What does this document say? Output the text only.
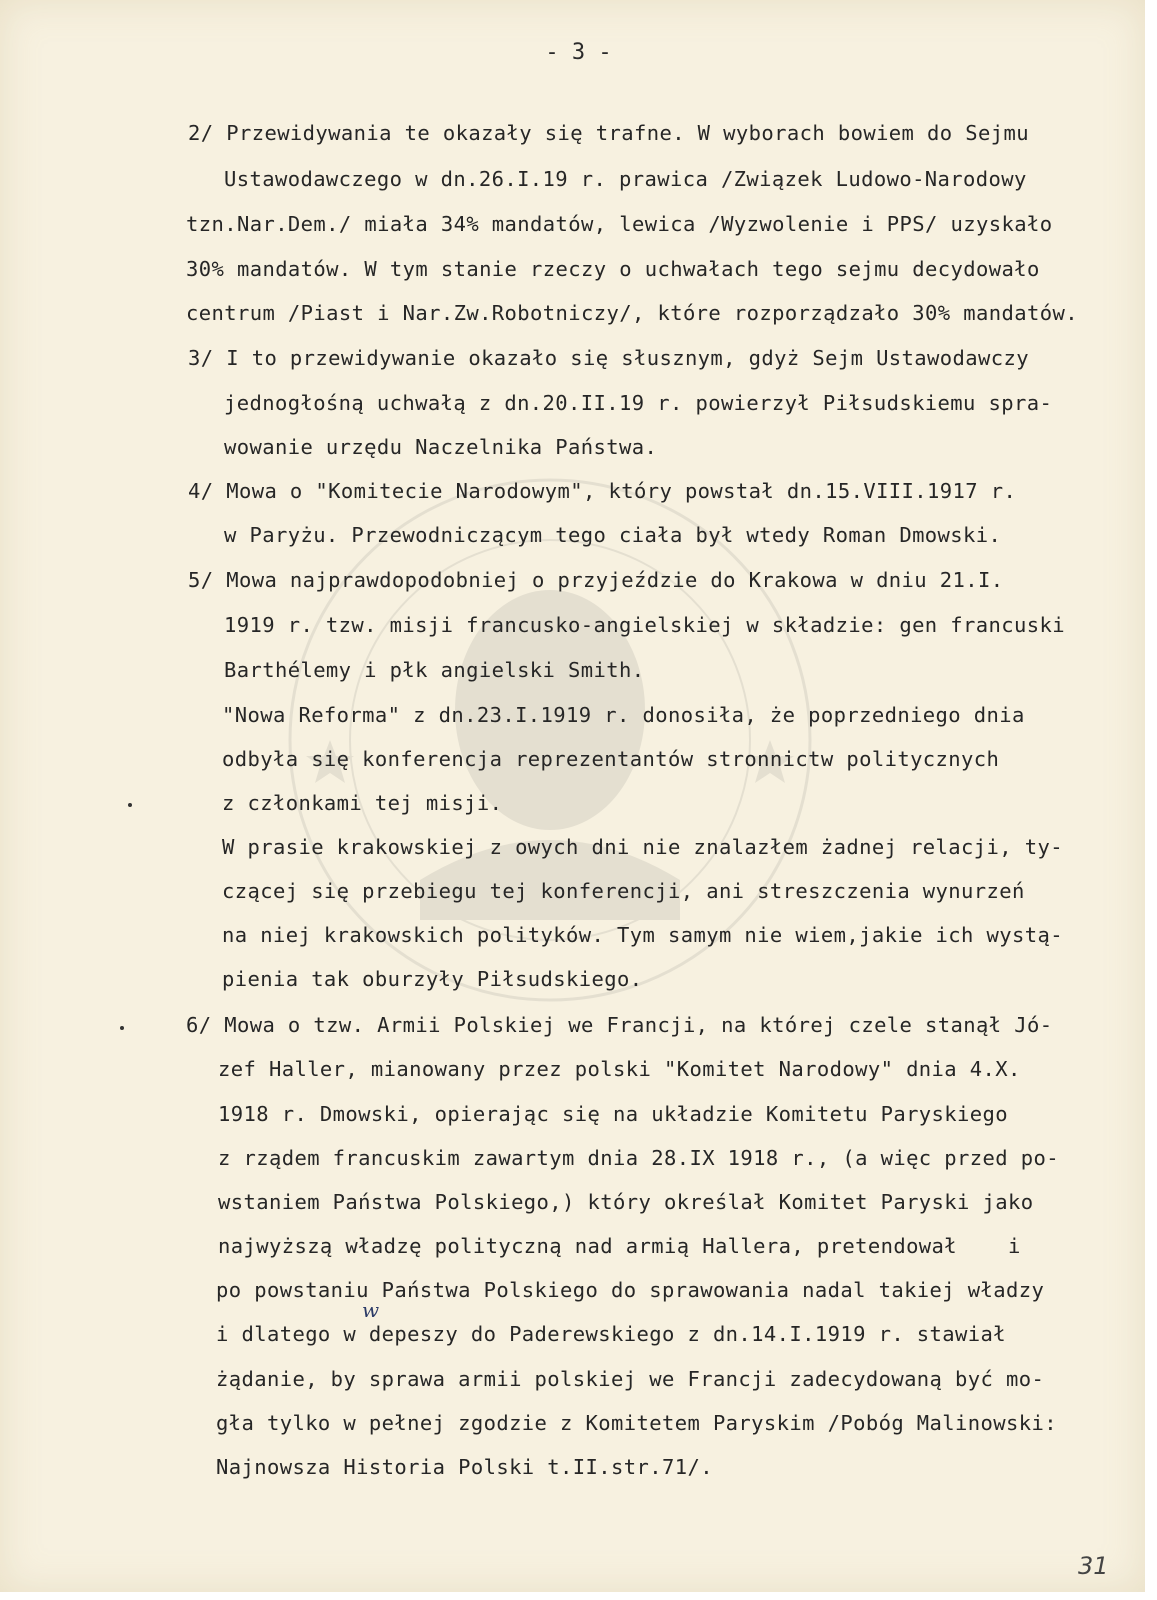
- 3 -
2/ Przewidywania te okazały się trafne. W wyborach bowiem do Sejmu
Ustawodawczego w dn.26.I.19 r. prawica /Związek Ludowo-Narodowy
tzn.Nar.Dem./ miała 34% mandatów, lewica /Wyzwolenie i PPS/ uzyskało
30% mandatów. W tym stanie rzeczy o uchwałach tego sejmu decydowało
centrum /Piast i Nar.Zw.Robotniczy/, które rozporządzało 30% mandatów.
3/ I to przewidywanie okazało się słusznym, gdyż Sejm Ustawodawczy
jednogłośną uchwałą z dn.20.II.19 r. powierzył Piłsudskiemu spra-
wowanie urzędu Naczelnika Państwa.
4/ Mowa o "Komitecie Narodowym", który powstał dn.15.VIII.1917 r.
w Paryżu. Przewodniczącym tego ciała był wtedy Roman Dmowski.
5/ Mowa najprawdopodobniej o przyjeździe do Krakowa w dniu 21.I.
1919 r. tzw. misji francusko-angielskiej w składzie: gen francuski
Barthélemy i płk angielski Smith.
"Nowa Reforma" z dn.23.I.1919 r. donosiła, że poprzedniego dnia
odbyła się konferencja reprezentantów stronnictw politycznych
z członkami tej misji.
W prasie krakowskiej z owych dni nie znalazłem żadnej relacji, ty-
czącej się przebiegu tej konferencji, ani streszczenia wynurzeń
na niej krakowskich polityków. Tym samym nie wiem,jakie ich wystą-
pienia tak oburzyły Piłsudskiego.
6/ Mowa o tzw. Armii Polskiej we Francji, na której czele stanął Jó-
zef Haller, mianowany przez polski "Komitet Narodowy" dnia 4.X.
1918 r. Dmowski, opierając się na układzie Komitetu Paryskiego
z rządem francuskim zawartym dnia 28.IX 1918 r., (a więc przed po-
wstaniem Państwa Polskiego,) który określał Komitet Paryski jako
najwyższą władzę polityczną nad armią Hallera, pretendował    i
po powstaniu Państwa Polskiego do sprawowania nadal takiej władzy
i dlatego w depeszy do Paderewskiego z dn.14.I.1919 r. stawiał
żądanie, by sprawa armii polskiej we Francji zadecydowaną być mo-
gła tylko w pełnej zgodzie z Komitetem Paryskim /Pobóg Malinowski:
Najnowsza Historia Polski t.II.str.71/.
w
31
